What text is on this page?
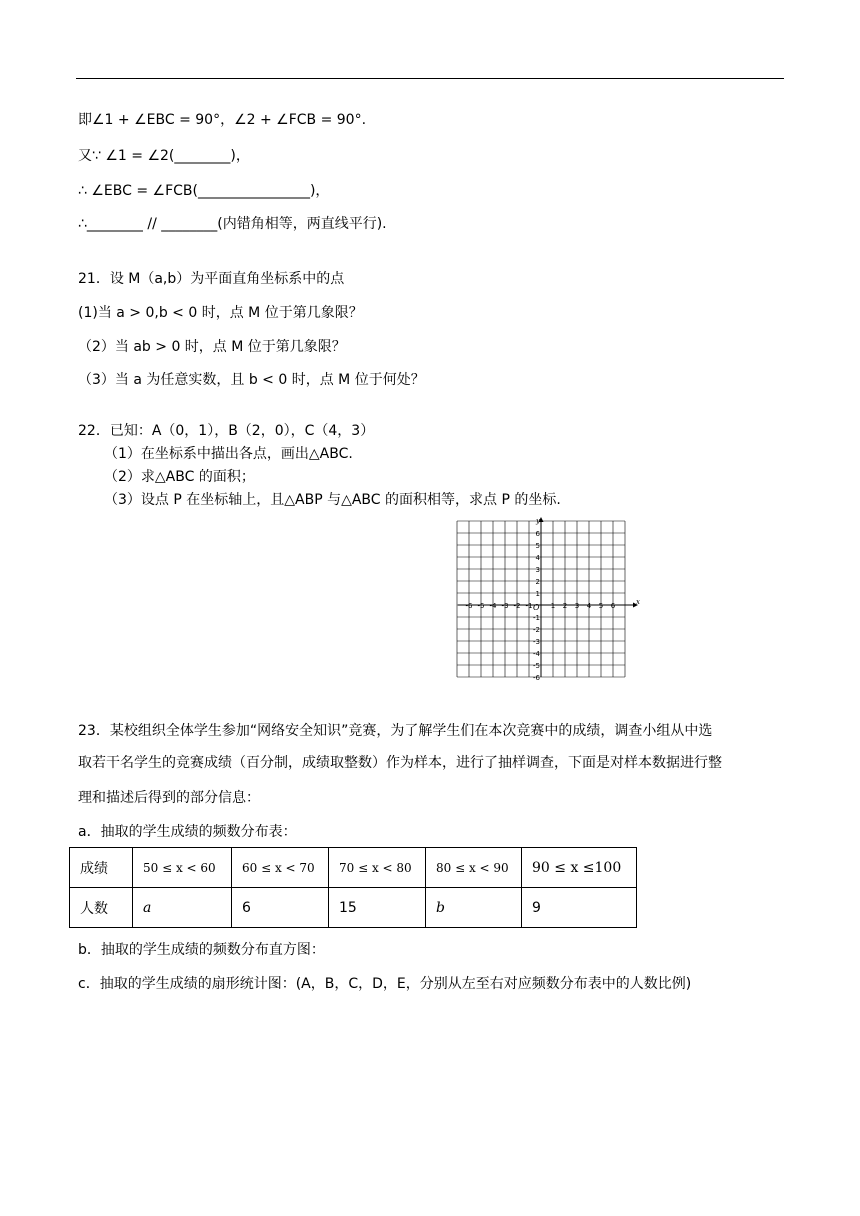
即∠1 + ∠EBC = 90°，∠2 + ∠FCB = 90°.
又∵ ∠1 = ∠2(________)，
∴ ∠EBC = ∠FCB(________________)，
∴________ // ________(内错角相等，两直线平行).
21．设 M（a,b）为平面直角坐标系中的点
(1)当 a > 0,b < 0 时，点 M 位于第几象限？
（2）当 ab > 0 时，点 M 位于第几象限？
（3）当 a 为任意实数，且 b < 0 时，点 M 位于何处？
22．已知：A（0，1），B（2，0），C（4，3）
（1）在坐标系中描出各点，画出△ABC.
（2）求△ABC 的面积；
（3）设点 P 在坐标轴上，且△ABP 与△ABC 的面积相等，求点 P 的坐标.
x
y
O
-6 -5 -4 -3 -2 -1	1 2 3 4 5 6
6
5
4
3
2
1
-1
-2
-3
-4
-5
-6
23．某校组织全体学生参加“网络安全知识”竞赛，为了解学生们在本次竞赛中的成绩，调查小组从中选
取若干名学生的竞赛成绩（百分制，成绩取整数）作为样本，进行了抽样调查，下面是对样本数据进行整
理和描述后得到的部分信息：
a．抽取的学生成绩的频数分布表：
成绩	50 ≤ x < 60	60 ≤ x < 70	70 ≤ x < 80	80 ≤ x < 90	90 ≤ x ≤100
人数	a	6	15	b	9
b．抽取的学生成绩的频数分布直方图：
c．抽取的学生成绩的扇形统计图：(A，B，C，D，E，分别从左至右对应频数分布表中的人数比例)
